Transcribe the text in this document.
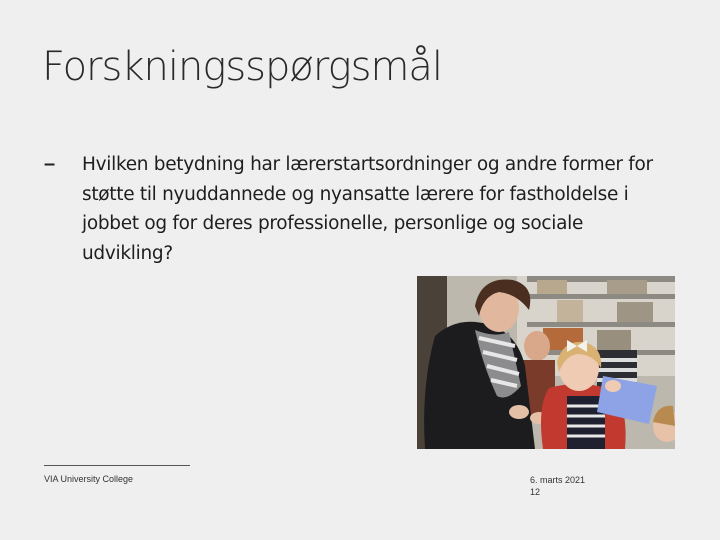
Forskningsspørgsmål
–	Hvilken betydning har lærerstartsordninger og andre former for støtte til nyuddannede og nyansatte lærere for fastholdelse i jobbet og for deres professionelle, personlige og sociale udvikling?
VIA University College	6. marts 2021
12
